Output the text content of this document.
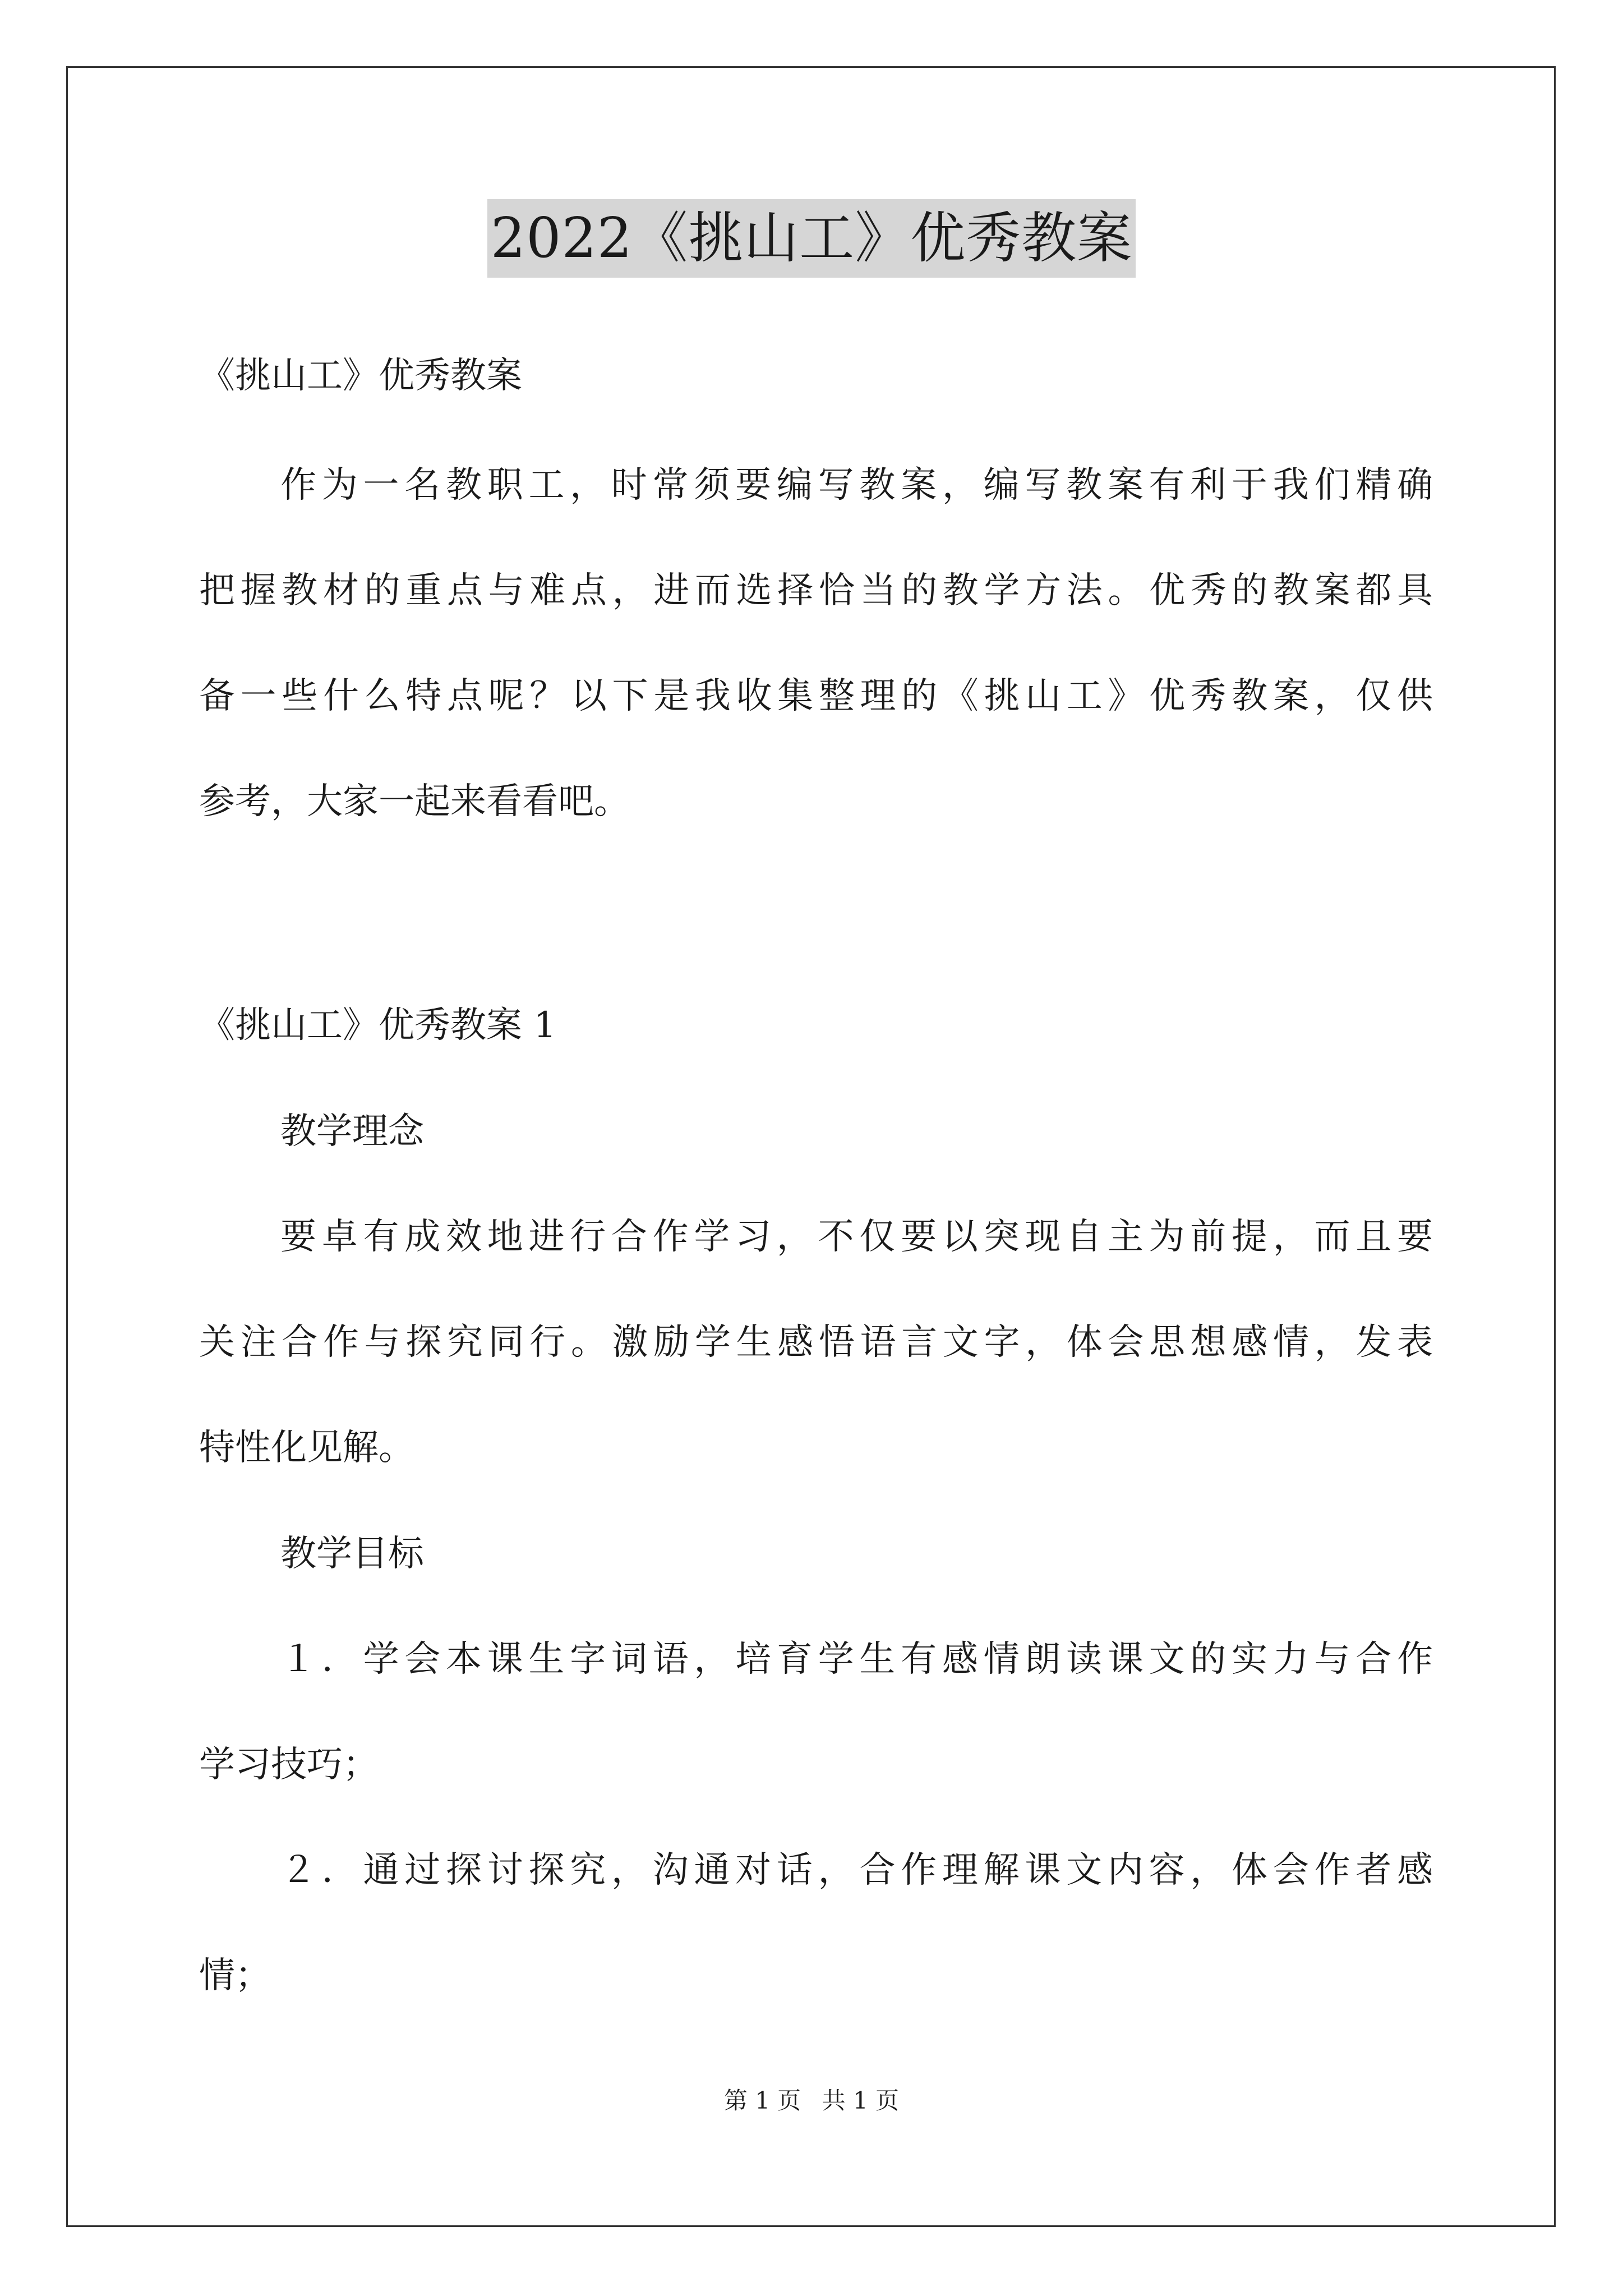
2022《挑山工》优秀教案
《挑山工》优秀教案
作为一名教职工，时常须要编写教案，编写教案有利于我们精确
把握教材的重点与难点，进而选择恰当的教学方法。优秀的教案都具
备一些什么特点呢？以下是我收集整理的《挑山工》优秀教案，仅供
参考，大家一起来看看吧。
《挑山工》优秀教案 1
教学理念
要卓有成效地进行合作学习，不仅要以突现自主为前提，而且要
关注合作与探究同行。激励学生感悟语言文字，体会思想感情，发表
特性化见解。
教学目标
１．学会本课生字词语，培育学生有感情朗读课文的实力与合作
学习技巧；
２．通过探讨探究，沟通对话，合作理解课文内容，体会作者感
情；
第 1 页 共 1 页
